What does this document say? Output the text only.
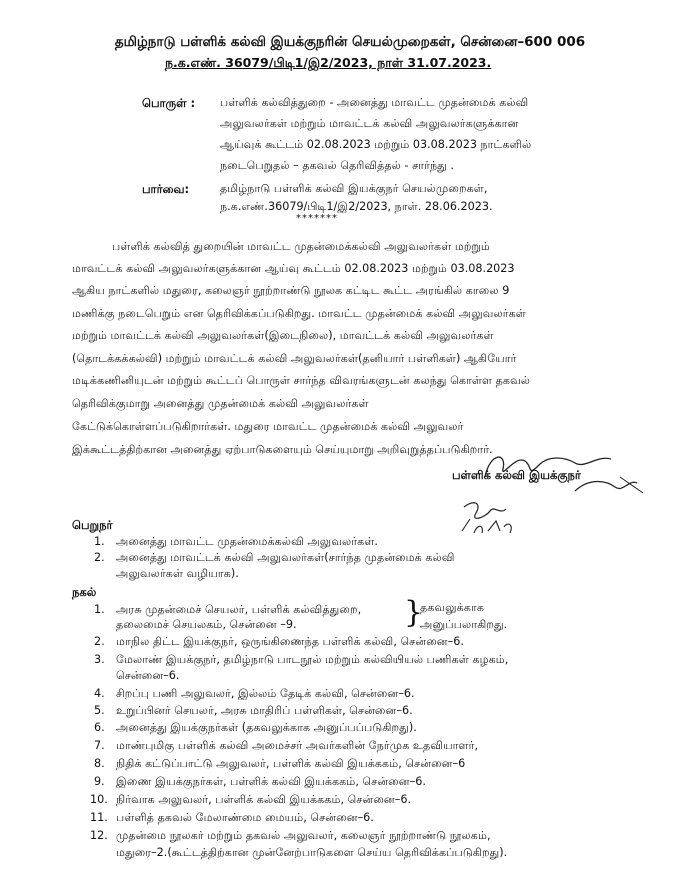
தமிழ்நாடு பள்ளிக் கல்வி இயக்குநரின் செயல்முறைகள், சென்னை–600 006
ந.க.எண். 36079/பிடி1/இ2/2023, நாள் 31.07.2023.
பொருள் : பள்ளிக் கல்வித்துறை - அனைத்து மாவட்ட முதன்மைக் கல்வி
அலுவலர்கள் மற்றும் மாவட்டக் கல்வி அலுவலர்களுக்கான
ஆய்வுக் கூட்டம் 02.08.2023 மற்றும் 03.08.2023 நாட்களில்
நடைபெறுதல் – தகவல் தெரிவித்தல் - சார்ந்து .
பார்வை:	தமிழ்நாடு பள்ளிக் கல்வி இயக்குநர் செயல்முறைகள்,
ந.க.எண்.36079/பிடி1/இ2/2023, நாள். 28.06.2023.
*******
பள்ளிக் கல்வித் துறையின் மாவட்ட முதன்மைக்கல்வி அலுவலர்கள் மற்றும்
மாவட்டக் கல்வி அலுவலர்களுக்கான ஆய்வு கூட்டம் 02.08.2023 மற்றும் 03.08.2023
ஆகிய நாட்களில் மதுரை, கலைஞர் நூற்றாண்டு நூலக கட்டிட கூட்ட அரங்கில் காலை 9
மணிக்கு நடைபெறும் என தெரிவிக்கப்படுகிறது. மாவட்ட முதன்மைக் கல்வி அலுவலர்கள்
மற்றும் மாவட்டக் கல்வி அலுவலர்கள்(இடைநிலை), மாவட்டக் கல்வி அலுவலர்கள்
(தொடக்கக்கல்வி) மற்றும் மாவட்டக் கல்வி அலுவலர்கள்(தனியார் பள்ளிகள்) ஆகியோர்
மடிக்கணினியுடன் மற்றும் கூட்டப் பொருள் சார்ந்த விவரங்களுடன் கலந்து கொள்ள தகவல்
தெரிவிக்குமாறு அனைத்து முதன்மைக் கல்வி அலுவலர்கள்
கேட்டுக்கொள்ளப்படுகிறார்கள். மதுரை மாவட்ட முதன்மைக் கல்வி அலுவலர்
இக்கூட்டத்திற்கான அனைத்து ஏற்பாடுகளையும் செய்யுமாறு அறிவுறுத்தப்படுகிறார்.
பள்ளிக் கல்வி இயக்குநர்
பெறுநர்
1. அனைத்து மாவட்ட முதன்மைக்கல்வி அலுவலர்கள்.
2. அனைத்து மாவட்டக் கல்வி அலுவலர்கள்(சார்ந்த முதன்மைக் கல்வி
அலுவலர்கள் வழியாக).
நகல்
1. அரசு முதன்மைச் செயலர், பள்ளிக் கல்வித்துறை,
தலைமைச் செயலகம், சென்னை –9.	}
தகவலுக்காக
அனுப்பலாகிறது.
2. மாநில திட்ட இயக்குநர், ஒருங்கிணைந்த பள்ளிக் கல்வி, சென்னை–6.
3. மேலாண் இயக்குநர், தமிழ்நாடு பாடநூல் மற்றும் கல்வியியல் பணிகள் கழகம்,
சென்னை–6.
4. சிறப்பு பணி அலுவலர், இல்லம் தேடிக் கல்வி, சென்னை–6.
5. உறுப்பினர் செயலர், அரசு மாதிரிப் பள்ளிகள், சென்னை–6.
6. அனைத்து இயக்குநர்கள் (தகவலுக்காக அனுப்பப்படுகிறது).
7. மாண்புமிகு பள்ளிக் கல்வி அமைச்சர் அவர்களின் நேர்முக உதவியாளர்,
8. நிதிக் கட்டுப்பாட்டு அலுவலர், பள்ளிக் கல்வி இயக்ககம், சென்னை–6
9. இணை இயக்குநர்கள், பள்ளிக் கல்வி இயக்ககம், சென்னை–6.
10. நிர்வாக அலுவலர், பள்ளிக் கல்வி இயக்ககம், சென்னை–6.
11. பள்ளித் தகவல் மேலாண்மை மையம், சென்னை–6.
12. முதன்மை நூலகர் மற்றும் தகவல் அலுவலர், கலைஞர் நூற்றாண்டு நூலகம்,
மதுரை–2.(கூட்டத்திற்கான முன்னேற்பாடுகளை செய்ய தெரிவிக்கப்படுகிறது).
